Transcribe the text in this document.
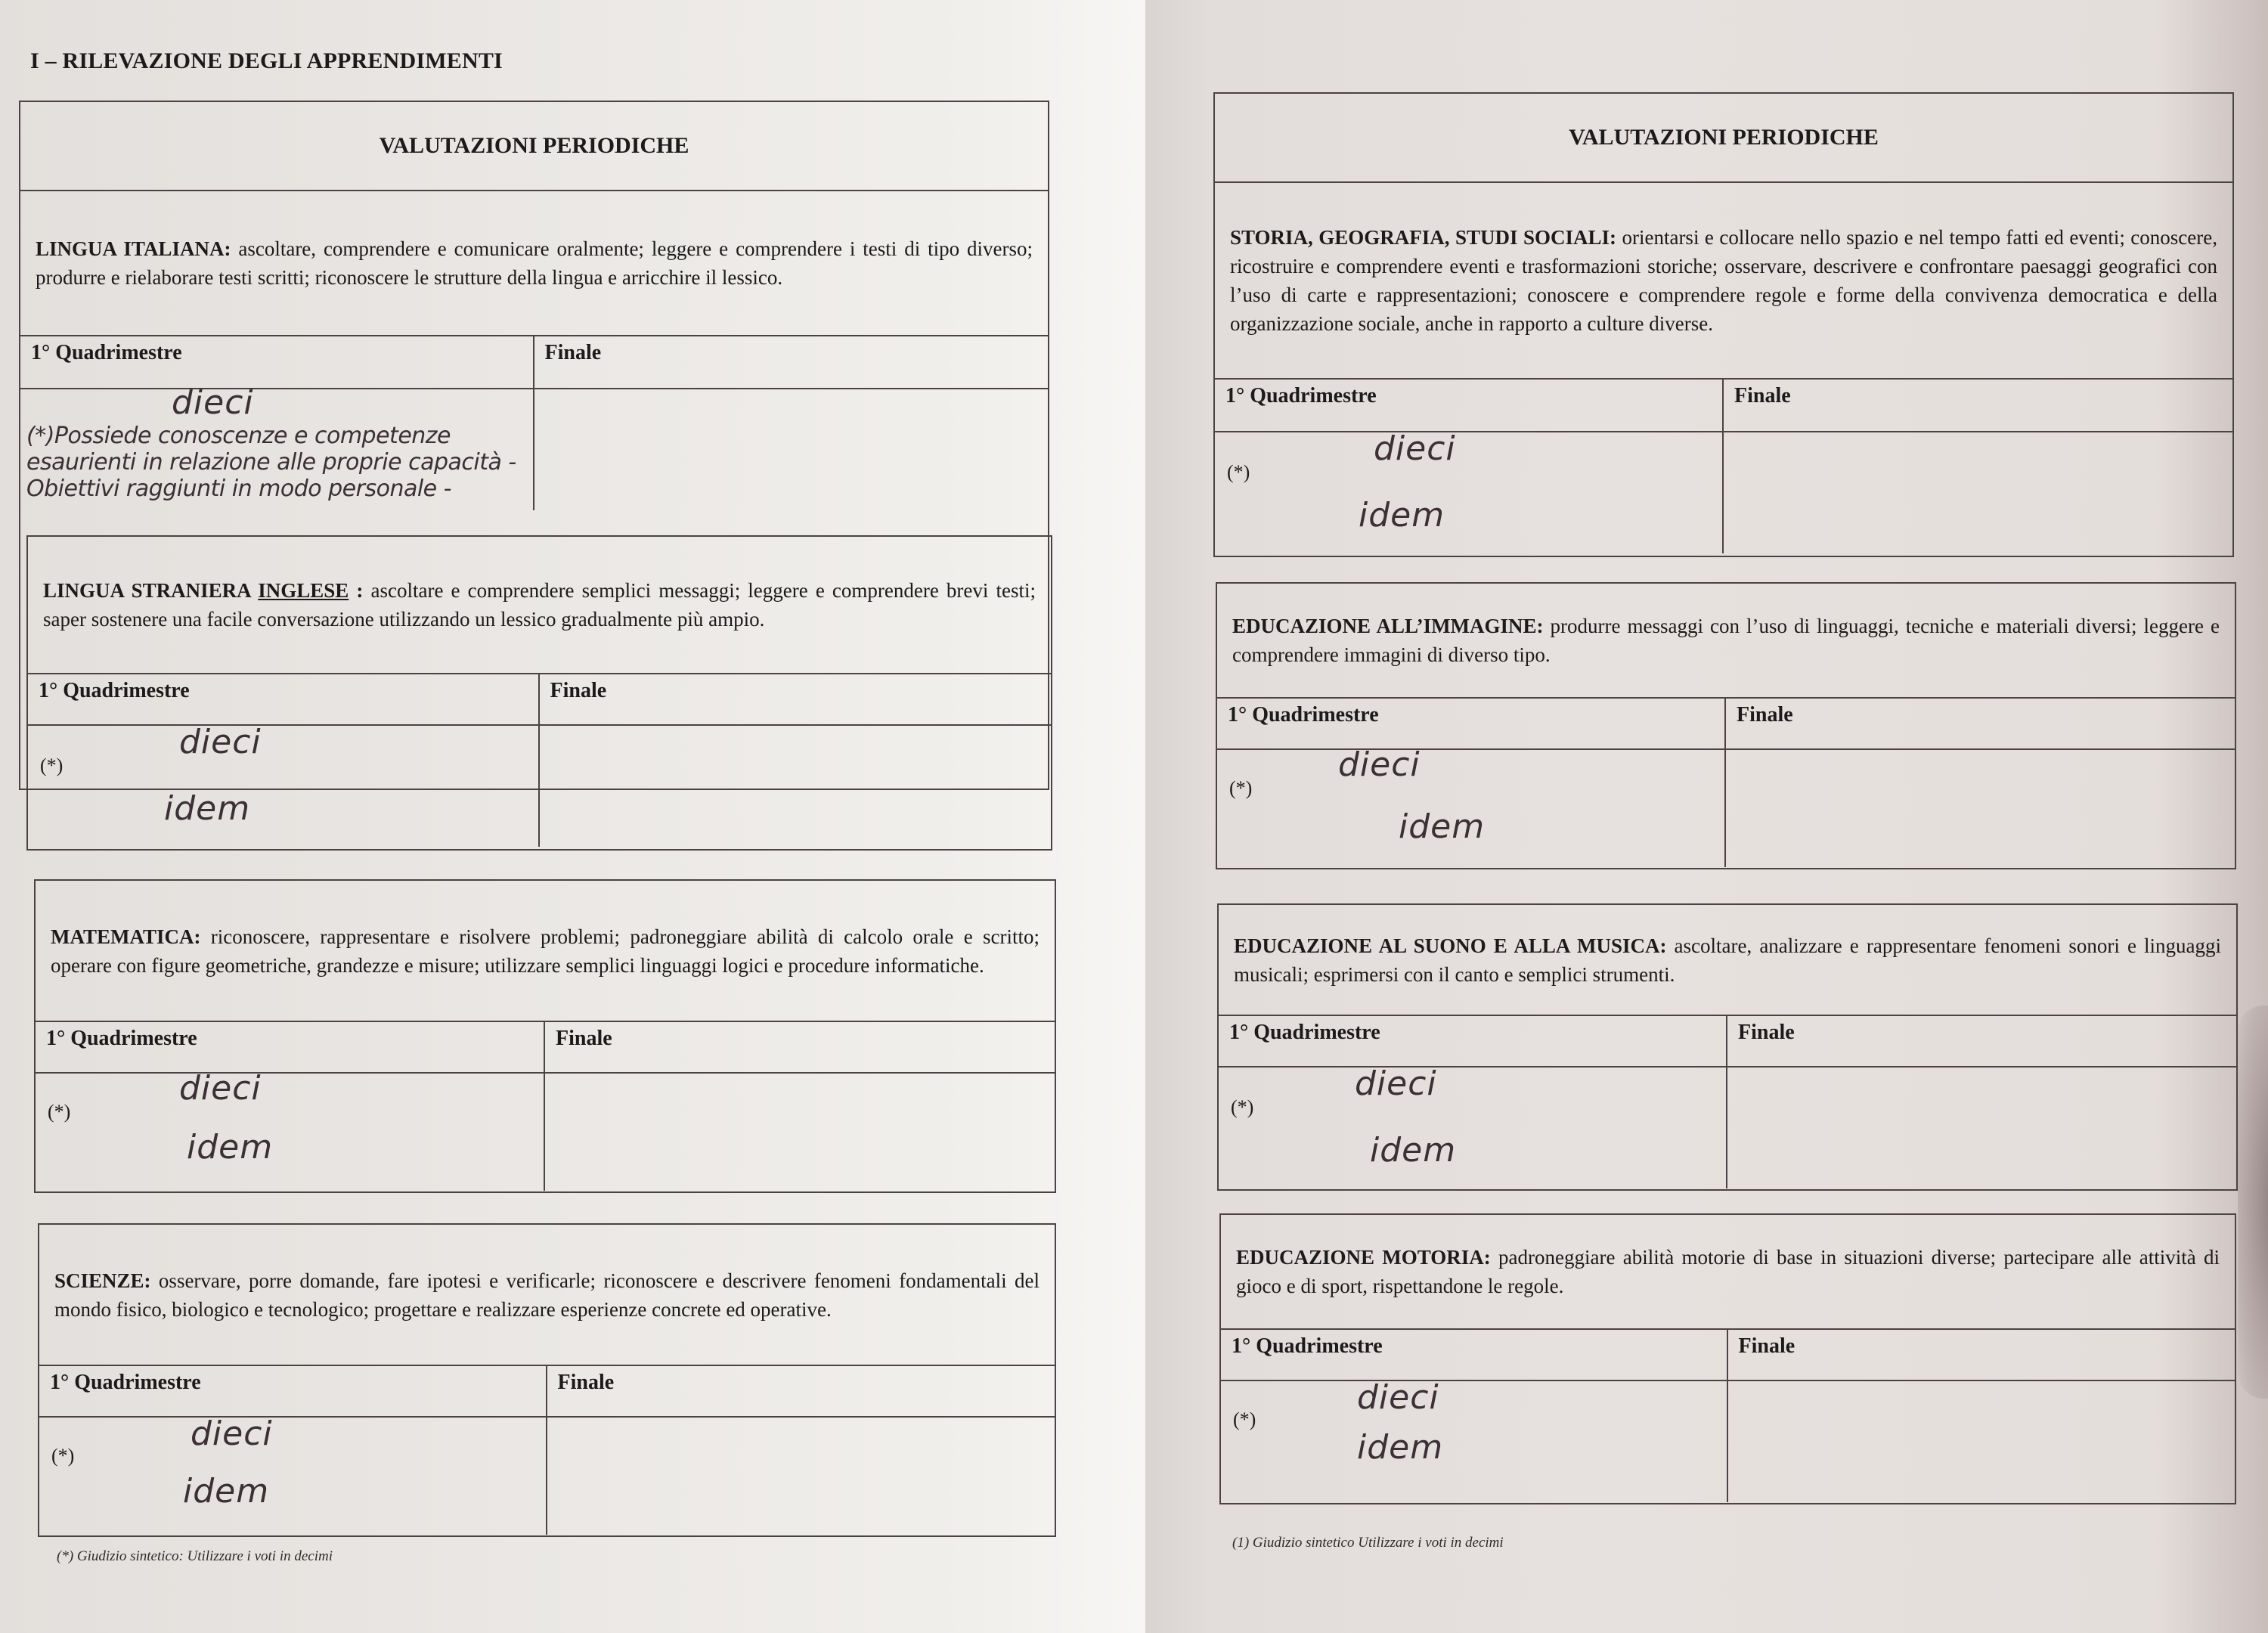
I – RILEVAZIONE DEGLI APPRENDIMENTI
VALUTAZIONI PERIODICHE
LINGUA ITALIANA: ascoltare, comprendere e comunicare oralmente; leggere e comprendere i testi di tipo diverso; produrre e rielaborare testi scritti; riconoscere le strutture della lingua e arricchire il lessico.
1° Quadrimestre	Finale
dieci
(*)Possiede conoscenze e competenze esaurienti in relazione alle proprie capacità - Obiettivi raggiunti in modo personale -
LINGUA STRANIERA INGLESE : ascoltare e comprendere semplici messaggi; leggere e comprendere brevi testi; saper sostenere una facile conversazione utilizzando un lessico gradualmente più ampio.
1° Quadrimestre	Finale
(*)
dieci
idem
MATEMATICA: riconoscere, rappresentare e risolvere problemi; padroneggiare abilità di calcolo orale e scritto; operare con figure geometriche, grandezze e misure; utilizzare semplici linguaggi logici e procedure informatiche.
1° Quadrimestre	Finale
(*)
dieci
idem
SCIENZE: osservare, porre domande, fare ipotesi e verificarle; riconoscere e descrivere fenomeni fondamentali del mondo fisico, biologico e tecnologico; progettare e realizzare esperienze concrete ed operative.
1° Quadrimestre	Finale
(*)
dieci
idem
(*) Giudizio sintetico: Utilizzare i voti in decimi
VALUTAZIONI PERIODICHE
STORIA, GEOGRAFIA, STUDI SOCIALI: orientarsi e collocare nello spazio e nel tempo fatti ed eventi; conoscere, ricostruire e comprendere eventi e trasformazioni storiche; osservare, descrivere e confrontare paesaggi geografici con l’uso di carte e rappresentazioni; conoscere e comprendere regole e forme della convivenza democratica e della organizzazione sociale, anche in rapporto a culture diverse.
1° Quadrimestre	Finale
(*)
dieci
idem
EDUCAZIONE ALL’IMMAGINE: produrre messaggi con l’uso di linguaggi, tecniche e materiali diversi; leggere e comprendere immagini di diverso tipo.
1° Quadrimestre	Finale
(*)
dieci
idem
EDUCAZIONE AL SUONO E ALLA MUSICA: ascoltare, analizzare e rappresentare fenomeni sonori e linguaggi musicali; esprimersi con il canto e semplici strumenti.
1° Quadrimestre	Finale
(*)
dieci
idem
EDUCAZIONE MOTORIA: padroneggiare abilità motorie di base in situazioni diverse; partecipare alle attività di gioco e di sport, rispettandone le regole.
1° Quadrimestre	Finale
(*)
dieci
idem
(1) Giudizio sintetico Utilizzare i voti in decimi
